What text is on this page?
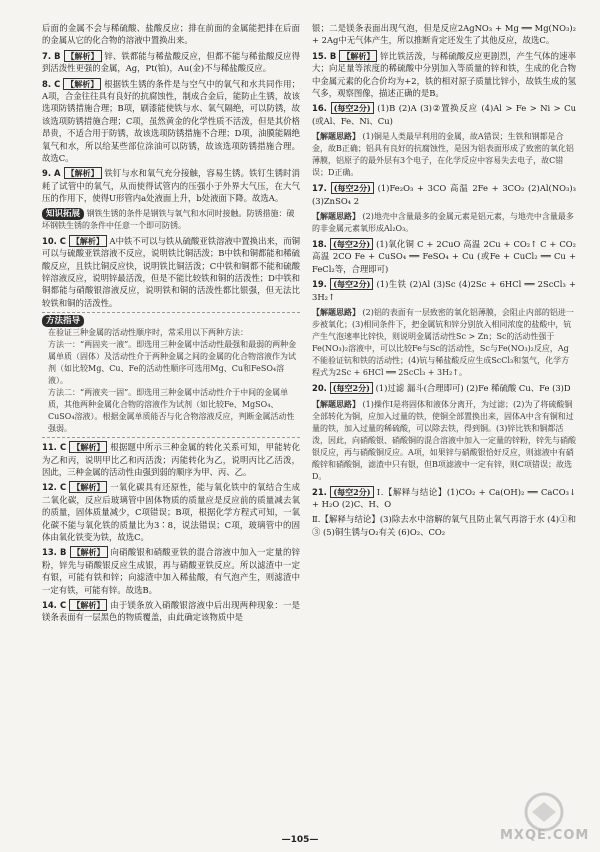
后面的金属不会与稀硫酸、盐酸反应；排在前面的金属能把排在后面的金属从它的化合物的溶液中置换出来。
7. B 【解析】 锌、铁都能与稀盐酸反应，但都不能与稀盐酸反应得到活泼性更强的金属，Ag，Pt(铂)，Au(金)不与稀盐酸反应。
8. C 【解析】 根据铁生锈的条件是与空气中的氧气和水共同作用；A项，合金往往具有良好的抗腐蚀性，制成合金后，能防止生锈，故该选项防锈措施合理；B项，刷漆能使铁与水、氧气隔绝，可以防锈，故该选项防锈措施合理；C项，虽然黄金的化学性质不活泼，但是其价格昂贵，不适合用于防锈，故该选项防锈措施不合理；D项，油膜能隔绝氧气和水，所以给某些部位涂油可以防锈，故该选项防锈措施合理。故选C。
9. A 【解析】 铁钉与水和氧气充分接触，容易生锈。铁钉生锈时消耗了试管中的氧气，从而使得试管内的压强小于外界大气压，在大气压的作用下，使得U形管内a处液面上升，b处液面下降。故选A。
知识拓展 钢铁生锈的条件是钢铁与氧气和水同时接触。防锈措施：破坏钢铁生锈的条件中任意一个即可防锈。
10. C 【解析】 A中铁不可以与铁从硫酸亚铁溶液中置换出来，而铜可以与硫酸亚铁溶液不反应，说明铁比铜活泼；B中铁和铜都能和稀硫酸反应，且铁比铜反应快，说明铁比铜活泼；C中铁和铜都不能和硫酸锌溶液反应，说明锌最活泼，但是不能比较铁和铜的活泼性；D中铁和铜都能与硝酸银溶液反应，说明铁和铜的活泼性都比银强，但无法比较铁和铜的活泼性。
方法指导
在验证三种金属的活动性顺序时，常采用以下两种方法：
方法一：“两固夹一液”。即选用三种金属中活动性最强和最弱的两种金属单质（固体）及活动性介于两种金属之间的金属的化合物溶液作为试剂（如比较Mg、Cu、Fe的活动性顺序可选用Mg、Cu和FeSO₄溶液）。
方法二：“两液夹一固”。即选用三种金属中活动性介于中间的金属单质，其他两种金属化合物的溶液作为试剂（如比较Fe、MgSO₄、CuSO₄溶液）。根据金属单质能否与化合物溶液反应，判断金属活动性强弱。
11. C 【解析】 根据题中所示三种金属的转化关系可知，甲能转化为乙和丙，说明甲比乙和丙活泼；丙能转化为乙，说明丙比乙活泼，因此，三种金属的活动性由强到弱的顺序为甲、丙、乙。
12. C 【解析】 一氧化碳具有还原性，能与氧化铁中的氧结合生成二氧化碳，反应后玻璃管中固体物质的质量应是反应前的质量减去氧的质量，固体质量减少，C项错误；B项，根据化学方程式可知，一氧化碳不能与氧化铁的质量比为3∶8，说法错误；C项，玻璃管中的固体由氧化铁变为铁，故选C。
13. B 【解析】 向硝酸银和硝酸亚铁的混合溶液中加入一定量的锌粉，锌先与硝酸银反应生成银，再与硝酸亚铁反应。所以滤渣中一定有银，可能有铁和锌；向滤渣中加入稀盐酸，有气泡产生，则滤渣中一定有铁，可能有锌。故选B。
14. C 【解析】 由于镁条放入硝酸银溶液中后出现两种现象：一是镁条表面有一层黑色的物质覆盖，由此确定该物质中是
银；二是镁条表面出现气泡，但是反应2AgNO₃ + Mg ══ Mg(NO₃)₂ + 2Ag中无气体产生，所以推断肯定还发生了其他反应，故选C。
15. B 【解析】 锌比铁活泼，与稀硫酸反应更剧烈，产生气体的速率大；向足量等浓度的稀硫酸中分别加入等质量的锌和铁，生成的化合物中金属元素的化合价均为+2，铁的相对原子质量比锌小，故铁生成的氢气多，观察图像，描述正确的是B。
16. (每空2分) (1)B (2)A (3)②置换反应 (4)Al > Fe > Ni > Cu (或Al、Fe、Ni、Cu)
【解题思路】 (1)铜是人类最早利用的金属，故A错误；生铁和钢都是合金，故B正确；铝具有良好的抗腐蚀性，是因为铝表面形成了致密的氧化铝薄膜，铝原子的最外层有3个电子，在化学反应中容易失去电子，故C错误；D正确。
17. (每空2分) (1)Fe₂O₃ + 3CO 高温 2Fe + 3CO₂ (2)Al(NO₃)₃ (3)ZnSO₄ 2
【解题思路】 (2)地壳中含量最多的金属元素是铝元素，与地壳中含量最多的非金属元素氧形成Al₂O₃。
18. (每空2分) (1)氧化铜 C + 2CuO 高温 2Cu + CO₂↑ C + CO₂ 高温 2CO Fe + CuSO₄ ══ FeSO₄ + Cu (或Fe + CuCl₂ ══ Cu + FeCl₂等，合理即可)
19. (每空2分) (1)生铁 (2)Al (3)Sc (4)2Sc + 6HCl ══ 2ScCl₃ + 3H₂↑
【解题思路】 (2)铝的表面有一层致密的氧化铝薄膜，会阻止内部的铝进一步被氧化；(3)相同条件下，把金属钪和锌分别放入相同浓度的盐酸中，钪产生气泡速率比锌快，则说明金属活动性Sc > Zn；Sc的活动性强于Fe(NO₃)₂溶液中，可以比较Fe与Sc的活动性，Sc与Fe(NO₃)₂反应，Ag不能验证钪和铁的活动性；(4)钪与稀盐酸反应生成ScCl₃和氢气，化学方程式为2Sc + 6HCl ══ 2ScCl₃ + 3H₂↑。
20. (每空2分) (1)过滤 漏斗(合理即可) (2)Fe 稀硫酸 Cu、Fe (3)D
【解题思路】 (1)操作Ⅰ是将固体和液体分离开，为过滤；(2)为了将硫酸铜全部转化为铜，应加入过量的铁，使铜全部置换出来，固体A中含有铜和过量的铁，加入过量的稀硫酸，可以除去铁，得到铜。(3)锌比铁和铜都活泼，因此，向硝酸银、硝酸铜的混合溶液中加入一定量的锌粉，锌先与硝酸银反应，再与硝酸铜反应。A项，如果锌与硝酸银恰好反应，则滤液中有硝酸锌和硝酸铜，滤渣中只有银，但B项滤液中一定有锌，则C项错误；故选D。
21. (每空2分) Ⅰ.【解释与结论】(1)CO₂ + Ca(OH)₂ ══ CaCO₃↓ + H₂O (2)C、H、O
Ⅱ.【解释与结论】(3)除去水中溶解的氧气且防止氧气再溶于水 (4)①和③ (5)铜生锈与O₂有关 (6)O₂、CO₂
—105—	MXQE.COM
